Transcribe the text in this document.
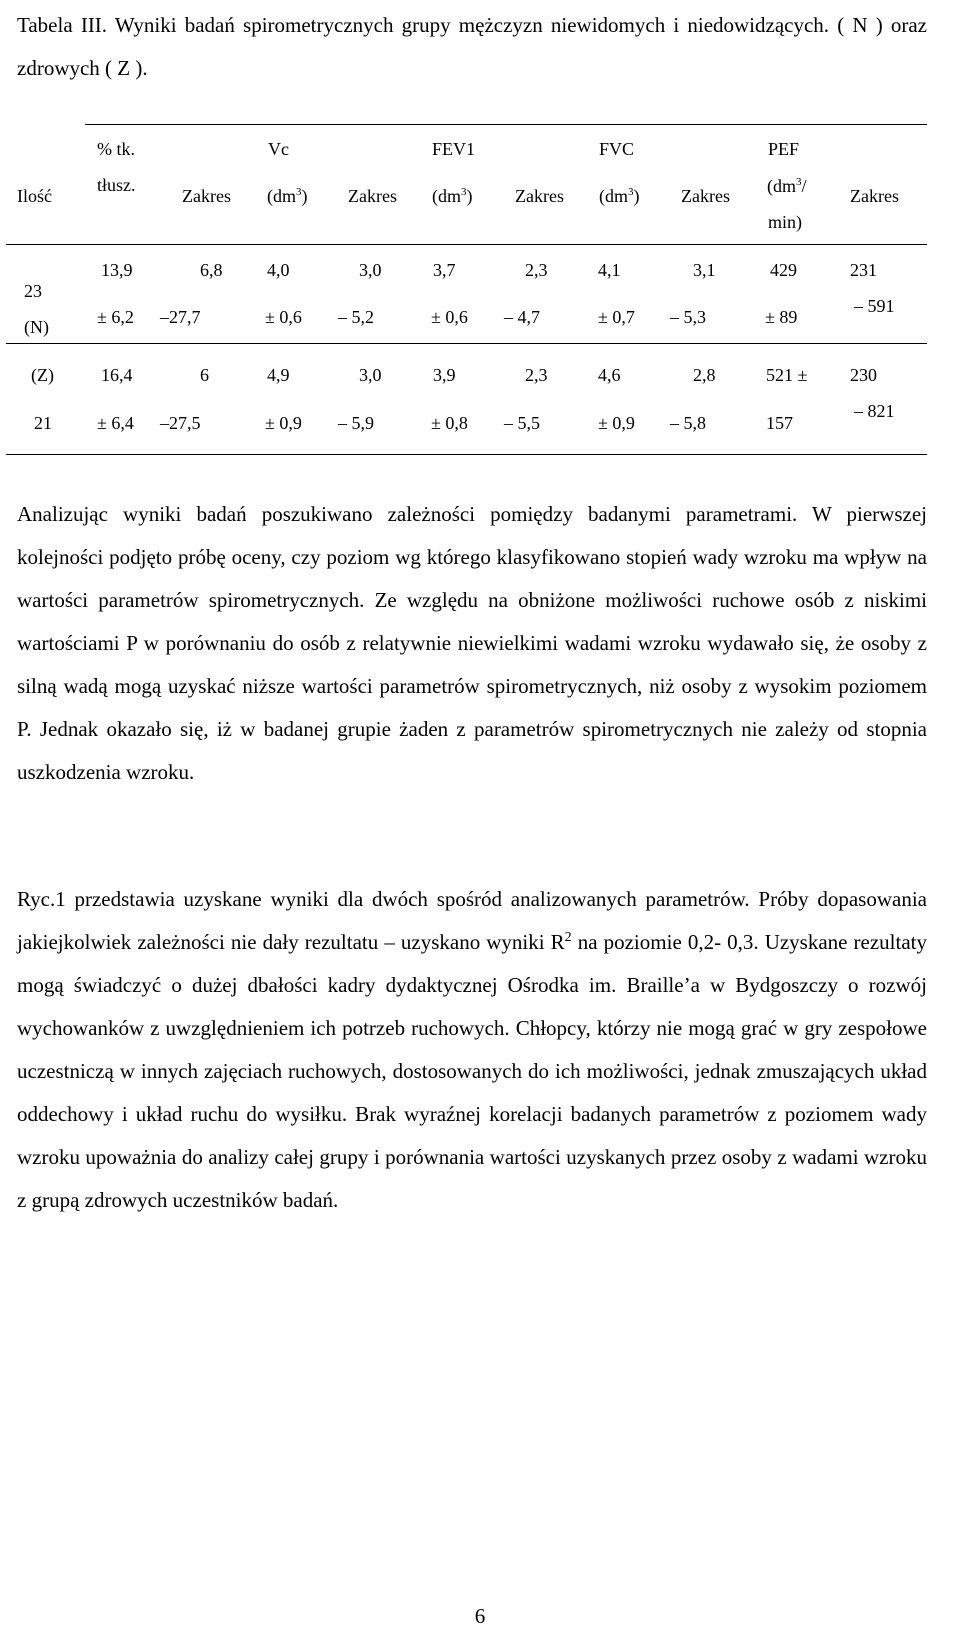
Tabela III. Wyniki badań spirometrycznych grupy mężczyzn niewidomych i niedowidzących. ( N ) oraz zdrowych ( Z ).
Ilość
% tk.
tłusz.
Zakres
Vc
$(dm^3)$ Zakres
FEV1
$(dm^3)$ Zakres
FVC
$(dm^3)$ Zakres
PEF
($dm^3/$
min)
Zakres
23
(N)
13,9
± 6,2
6,8
–27,7
4,0
± 0,6
3,0
– 5,2
3,7
± 0,6
2,3
– 4,7
4,1
± 0,7
3,1
– 5,3
429
± 89
231
– 591
(Z)
21
16,4
± 6,4
6
–27,5
4,9
± 0,9
3,0
– 5,9
3,9
± 0,8
2,3
– 5,5
4,6
± 0,9
2,8
– 5,8
521 ±
157
230
– 821
Analizując wyniki badań poszukiwano zależności pomiędzy badanymi parametrami. W pierwszej kolejności podjęto próbę oceny, czy poziom wg którego klasyfikowano stopień wady wzroku ma wpływ na wartości parametrów spirometrycznych. Ze względu na obniżone możliwości ruchowe osób z niskimi wartościami P w porównaniu do osób z relatywnie niewielkimi wadami wzroku wydawało się, że osoby z silną wadą mogą uzyskać niższe wartości parametrów spirometrycznych, niż osoby z wysokim poziomem P. Jednak okazało się, iż w badanej grupie żaden z parametrów spirometrycznych nie zależy od stopnia uszkodzenia wzroku.
Ryc.1 przedstawia uzyskane wyniki dla dwóch spośród analizowanych parametrów. Próby dopasowania jakiejkolwiek zależności nie dały rezultatu – uzyskano wyniki $R^2$ na poziomie 0,2- 0,3. Uzyskane rezultaty mogą świadczyć o dużej dbałości kadry dydaktycznej Ośrodka im. Braille’a w Bydgoszczy o rozwój wychowanków z uwzględnieniem ich potrzeb ruchowych. Chłopcy, którzy nie mogą grać w gry zespołowe uczestniczą w innych zajęciach ruchowych, dostosowanych do ich możliwości, jednak zmuszających układ oddechowy i układ ruchu do wysiłku. Brak wyraźnej korelacji badanych parametrów z poziomem wady wzroku upoważnia do analizy całej grupy i porównania wartości uzyskanych przez osoby z wadami wzroku z grupą zdrowych uczestników badań.
6
